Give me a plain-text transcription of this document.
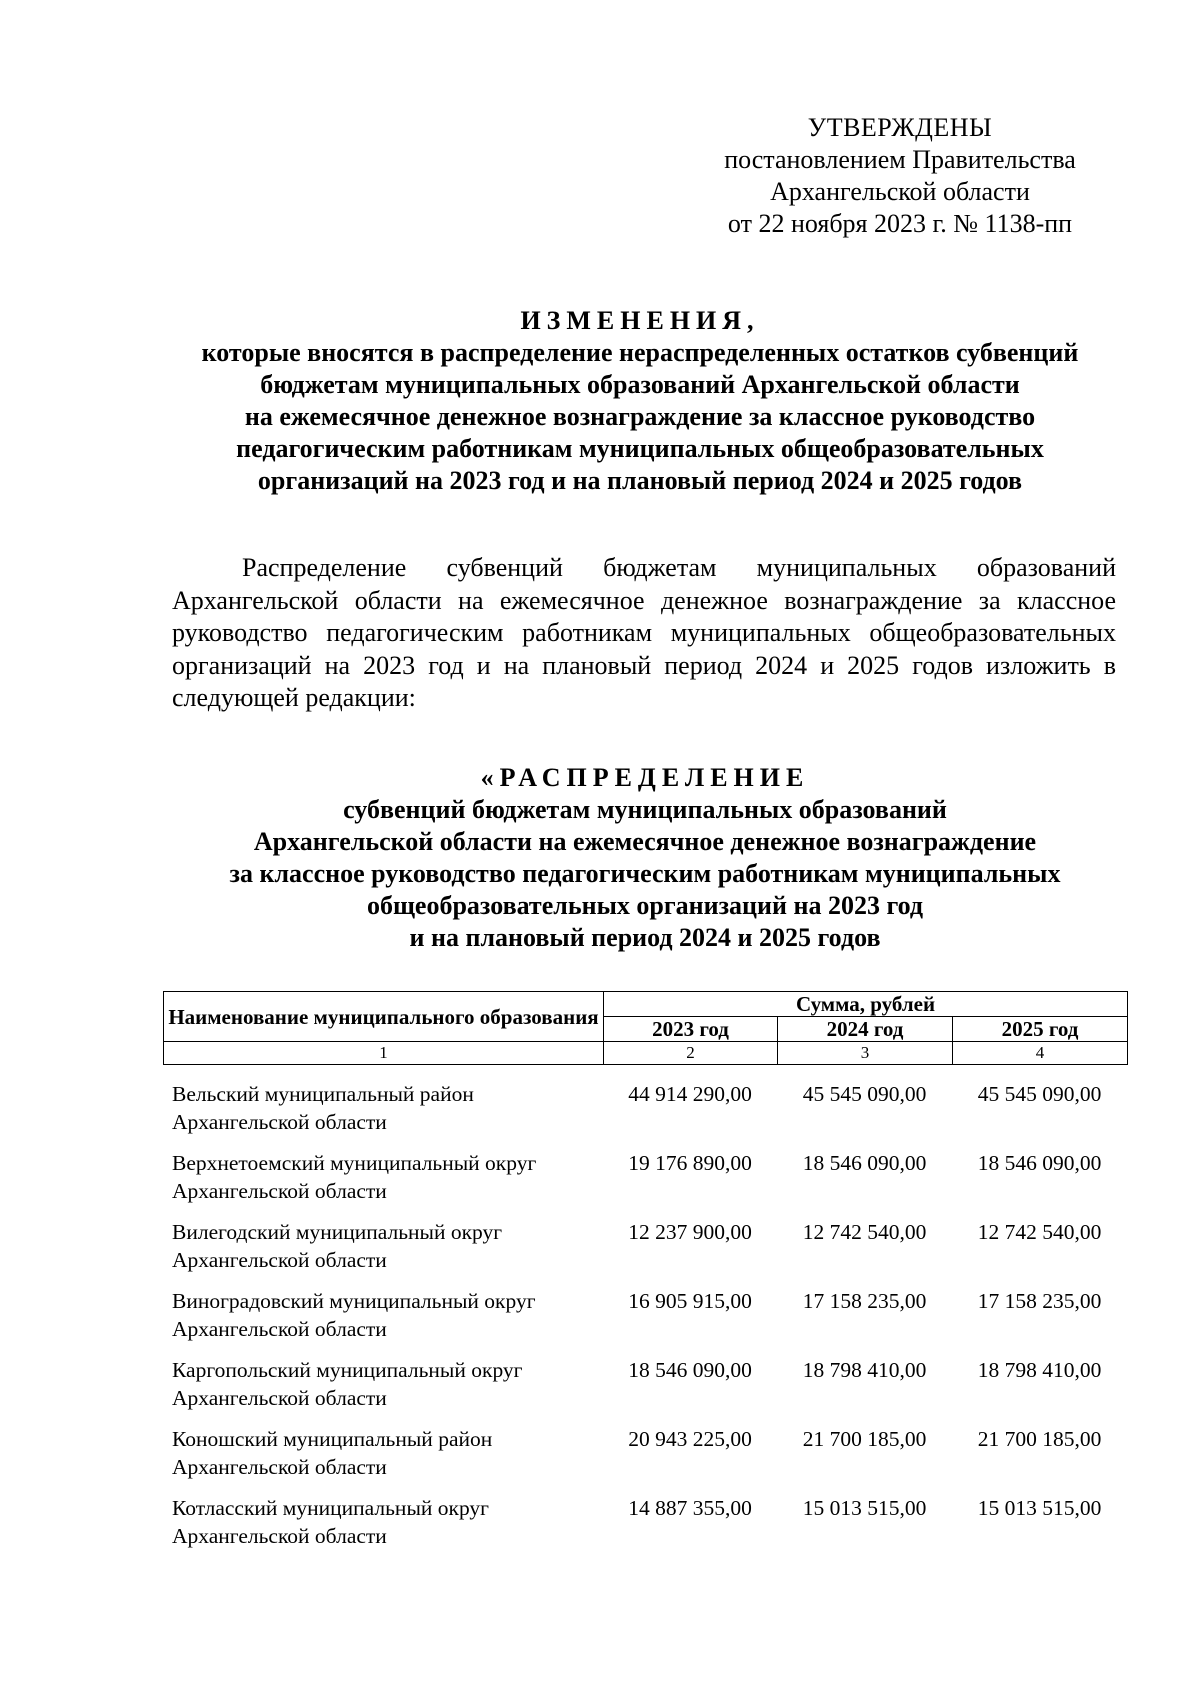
УТВЕРЖДЕНЫ
постановлением Правительства
Архангельской области
от 22 ноября 2023 г. № 1138-пп
ИЗМЕНЕНИЯ,
которые вносятся в распределение нераспределенных остатков субвенций
бюджетам муниципальных образований Архангельской области
на ежемесячное денежное вознаграждение за классное руководство
педагогическим работникам муниципальных общеобразовательных
организаций на 2023 год и на плановый период 2024 и 2025 годов
Распределение субвенций бюджетам муниципальных образований Архангельской области на ежемесячное денежное вознаграждение за классное руководство педагогическим работникам муниципальных общеобразовательных организаций на 2023 год и на плановый период 2024 и 2025 годов изложить в следующей редакции:
«РАСПРЕДЕЛЕНИЕ
субвенций бюджетам муниципальных образований
Архангельской области на ежемесячное денежное вознаграждение
за классное руководство педагогическим работникам муниципальных
общеобразовательных организаций на 2023 год
и на плановый период 2024 и 2025 годов
Наименование муниципального образования	Сумма, рублей		
	2023 год	2024 год	2025 год
1	2	3	4
Вельский муниципальный район
Архангельской области	44 914 290,00	45 545 090,00	45 545 090,00

Верхнетоемский муниципальный округ
Архангельской области	19 176 890,00	18 546 090,00	18 546 090,00

Вилегодский муниципальный округ
Архангельской области	12 237 900,00	12 742 540,00	12 742 540,00

Виноградовский муниципальный округ
Архангельской области	16 905 915,00	17 158 235,00	17 158 235,00

Каргопольский муниципальный округ
Архангельской области	18 546 090,00	18 798 410,00	18 798 410,00

Коношский муниципальный район
Архангельской области	20 943 225,00	21 700 185,00	21 700 185,00

Котласский муниципальный округ
Архангельской области	14 887 355,00	15 013 515,00	15 013 515,00
